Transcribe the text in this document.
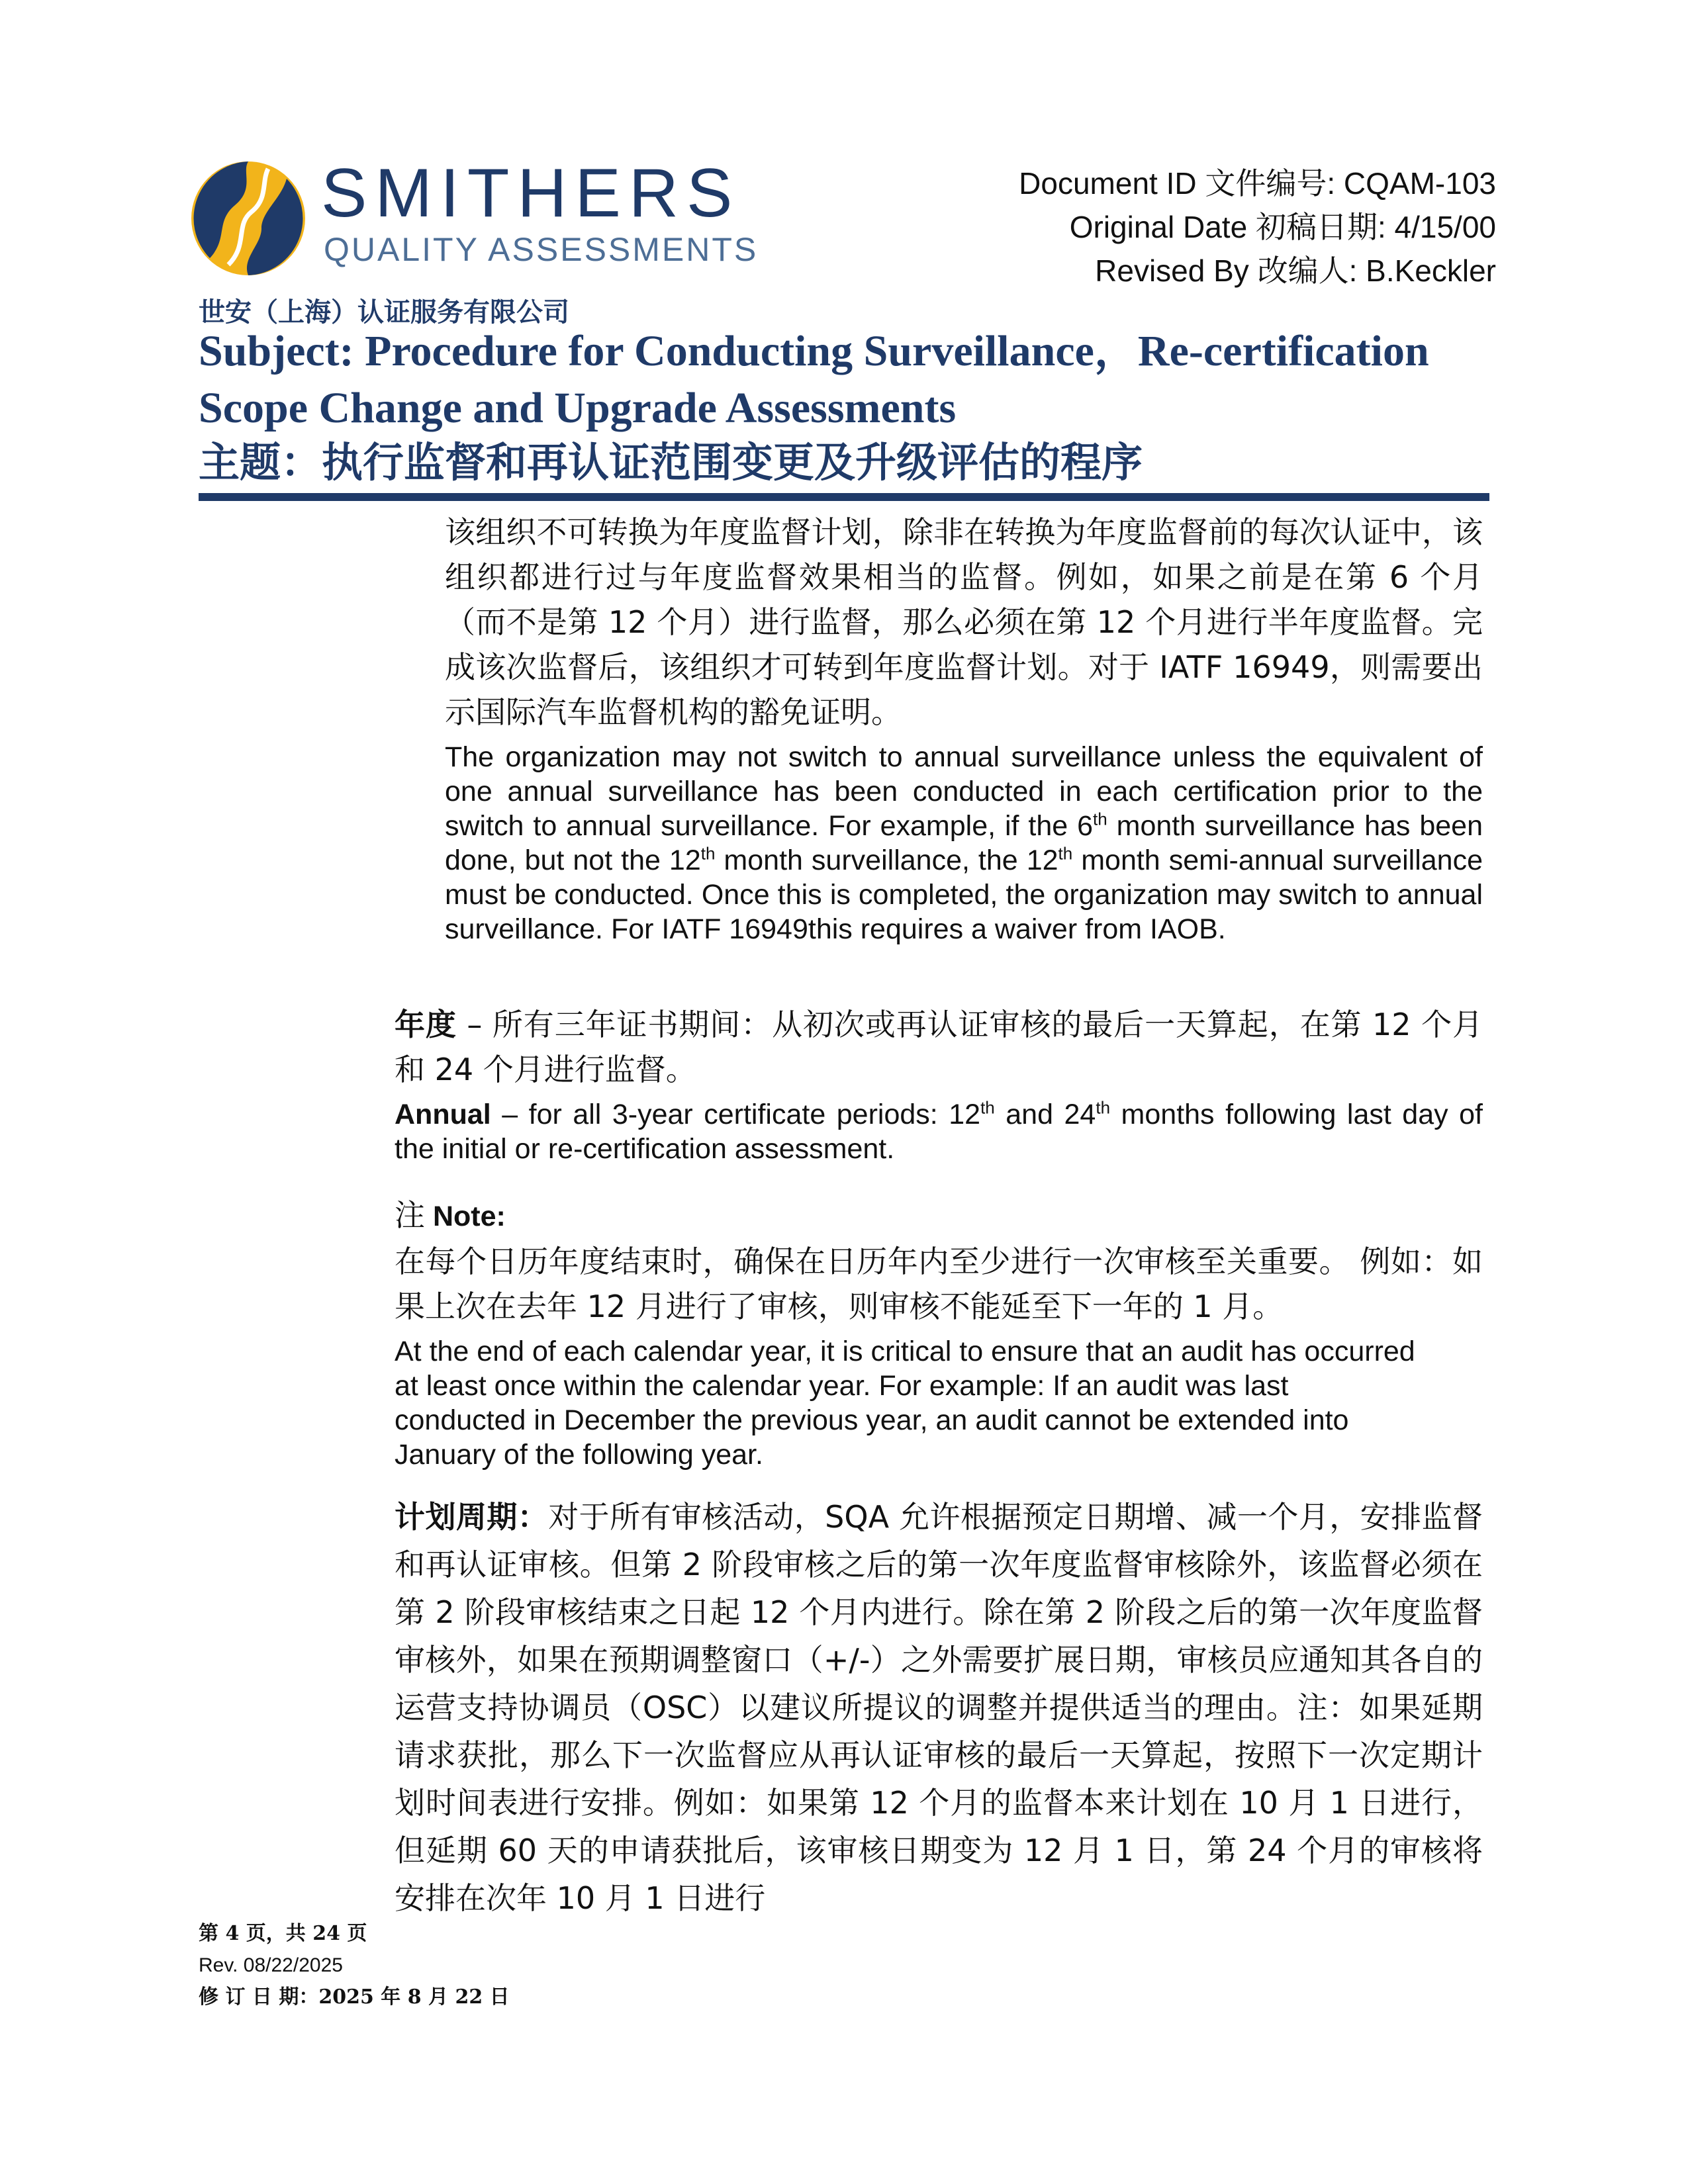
SMITHERS
QUALITY ASSESSMENTS
世安（上海）认证服务有限公司
Document ID 文件编号: CQAM-103
Original Date 初稿日期: 4/15/00
Revised By 改编人: B.Keckler
Subject: Procedure for Conducting Surveillance，Re-certification
Scope Change and Upgrade Assessments
主题：执行监督和再认证范围变更及升级评估的程序

该组织不可转换为年度监督计划，除非在转换为年度监督前的每次认证中，该组织都进行过与年度监督效果相当的监督。例如，如果之前是在第 6 个月（而不是第 12 个月）进行监督，那么必须在第 12 个月进行半年度监督。完成该次监督后，该组织才可转到年度监督计划。对于 IATF 16949，则需要出示国际汽车监督机构的豁免证明。

The organization may not switch to annual surveillance unless the equivalent of one annual surveillance has been conducted in each certification prior to the switch to annual surveillance. For example, if the 6th month surveillance has been done, but not the 12th month surveillance, the 12th month semi-annual surveillance must be conducted. Once this is completed, the organization may switch to annual surveillance. For IATF 16949this requires a waiver from IAOB.

年度 – 所有三年证书期间：从初次或再认证审核的最后一天算起，在第 12 个月和 24 个月进行监督。

Annual – for all 3-year certificate periods: 12th and 24th months following last day of the initial or re-certification assessment.

注 Note:

在每个日历年度结束时，确保在日历年内至少进行一次审核至关重要。 例如：如果上次在去年 12 月进行了审核，则审核不能延至下一年的 1 月。

At the end of each calendar year, it is critical to ensure that an audit has occurred
at least once within the calendar year. For example: If an audit was last
conducted in December the previous year, an audit cannot be extended into
January of the following year.

计划周期：对于所有审核活动，SQA 允许根据预定日期增、减一个月，安排监督和再认证审核。但第 2 阶段审核之后的第一次年度监督审核除外，该监督必须在第 2 阶段审核结束之日起 12 个月内进行。除在第 2 阶段之后的第一次年度监督审核外，如果在预期调整窗口（+/-）之外需要扩展日期，审核员应通知其各自的运营支持协调员（OSC）以建议所提议的调整并提供适当的理由。注：如果延期请求获批，那么下一次监督应从再认证审核的最后一天算起，按照下一次定期计划时间表进行安排。例如：如果第 12 个月的监督本来计划在 10 月 1 日进行，但延期 60 天的申请获批后，该审核日期变为 12 月 1 日，第 24 个月的审核将安排在次年 10 月 1 日进行

第 4 页，共 24 页
Rev. 08/22/2025
修 订 日 期：2025 年 8 月 22 日
